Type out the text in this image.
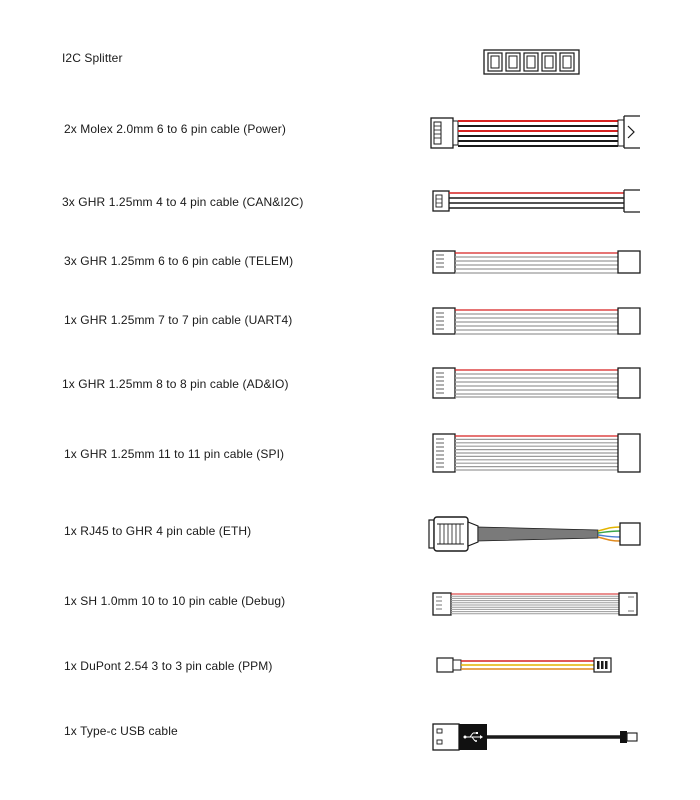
I2C Splitter
2x Molex 2.0mm 6 to 6 pin cable (Power)
3x GHR 1.25mm 4 to 4 pin cable (CAN&I2C)
3x GHR 1.25mm 6 to 6 pin cable (TELEM)
1x GHR 1.25mm 7 to 7 pin cable (UART4)
1x GHR 1.25mm 8 to 8 pin cable (AD&IO)
1x GHR 1.25mm 11 to 11 pin cable (SPI)
1x RJ45 to GHR 4 pin cable (ETH)
1x SH 1.0mm 10 to 10 pin cable (Debug)
1x DuPont 2.54 3 to 3 pin cable (PPM)
1x Type-c USB cable
